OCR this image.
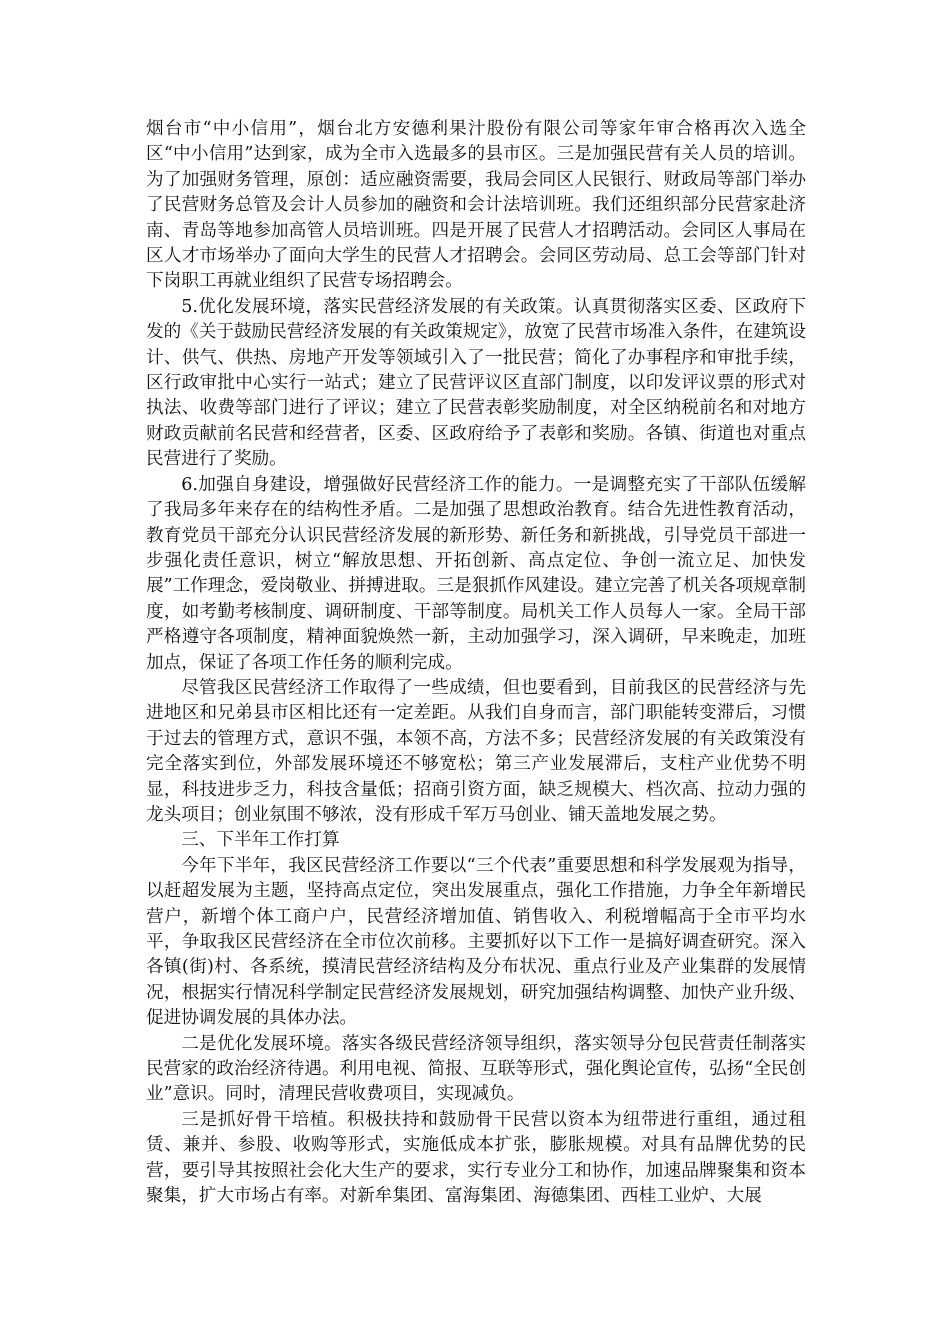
烟台市“中小信用”，烟台北方安德利果汁股份有限公司等家年审合格再次入选全区“中小信用”达到家，成为全市入选最多的县市区。三是加强民营有关人员的培训。为了加强财务管理，原创：适应融资需要，我局会同区人民银行、财政局等部门举办了民营财务总管及会计人员参加的融资和会计法培训班。我们还组织部分民营家赴济南、青岛等地参加高管人员培训班。四是开展了民营人才招聘活动。会同区人事局在区人才市场举办了面向大学生的民营人才招聘会。会同区劳动局、总工会等部门针对下岗职工再就业组织了民营专场招聘会。

5.优化发展环境，落实民营经济发展的有关政策。认真贯彻落实区委、区政府下发的《关于鼓励民营经济发展的有关政策规定》，放宽了民营市场准入条件，在建筑设计、供气、供热、房地产开发等领域引入了一批民营；简化了办事程序和审批手续，区行政审批中心实行一站式；建立了民营评议区直部门制度，以印发评议票的形式对执法、收费等部门进行了评议；建立了民营表彰奖励制度，对全区纳税前名和对地方财政贡献前名民营和经营者，区委、区政府给予了表彰和奖励。各镇、街道也对重点民营进行了奖励。

6.加强自身建设，增强做好民营经济工作的能力。一是调整充实了干部队伍缓解了我局多年来存在的结构性矛盾。二是加强了思想政治教育。结合先进性教育活动，教育党员干部充分认识民营经济发展的新形势、新任务和新挑战，引导党员干部进一步强化责任意识，树立“解放思想、开拓创新、高点定位、争创一流立足、加快发展”工作理念，爱岗敬业、拼搏进取。三是狠抓作风建设。建立完善了机关各项规章制度，如考勤考核制度、调研制度、干部等制度。局机关工作人员每人一家。全局干部严格遵守各项制度，精神面貌焕然一新，主动加强学习，深入调研，早来晚走，加班加点，保证了各项工作任务的顺利完成。

尽管我区民营经济工作取得了一些成绩，但也要看到，目前我区的民营经济与先进地区和兄弟县市区相比还有一定差距。从我们自身而言，部门职能转变滞后，习惯于过去的管理方式，意识不强，本领不高，方法不多；民营经济发展的有关政策没有完全落实到位，外部发展环境还不够宽松；第三产业发展滞后，支柱产业优势不明显，科技进步乏力，科技含量低；招商引资方面，缺乏规模大、档次高、拉动力强的龙头项目；创业氛围不够浓，没有形成千军万马创业、铺天盖地发展之势。

三、下半年工作打算

今年下半年，我区民营经济工作要以“三个代表”重要思想和科学发展观为指导，以赶超发展为主题，坚持高点定位，突出发展重点，强化工作措施，力争全年新增民营户，新增个体工商户户，民营经济增加值、销售收入、利税增幅高于全市平均水平，争取我区民营经济在全市位次前移。主要抓好以下工作一是搞好调查研究。深入各镇(街)村、各系统，摸清民营经济结构及分布状况、重点行业及产业集群的发展情况，根据实行情况科学制定民营经济发展规划，研究加强结构调整、加快产业升级、促进协调发展的具体办法。

二是优化发展环境。落实各级民营经济领导组织，落实领导分包民营责任制落实民营家的政治经济待遇。利用电视、简报、互联等形式，强化舆论宣传，弘扬“全民创业”意识。同时，清理民营收费项目，实现减负。

三是抓好骨干培植。积极扶持和鼓励骨干民营以资本为纽带进行重组，通过租赁、兼并、参股、收购等形式，实施低成本扩张，膨胀规模。对具有品牌优势的民营，要引导其按照社会化大生产的要求，实行专业分工和协作，加速品牌聚集和资本聚集，扩大市场占有率。对新牟集团、富海集团、海德集团、西桂工业炉、大展
